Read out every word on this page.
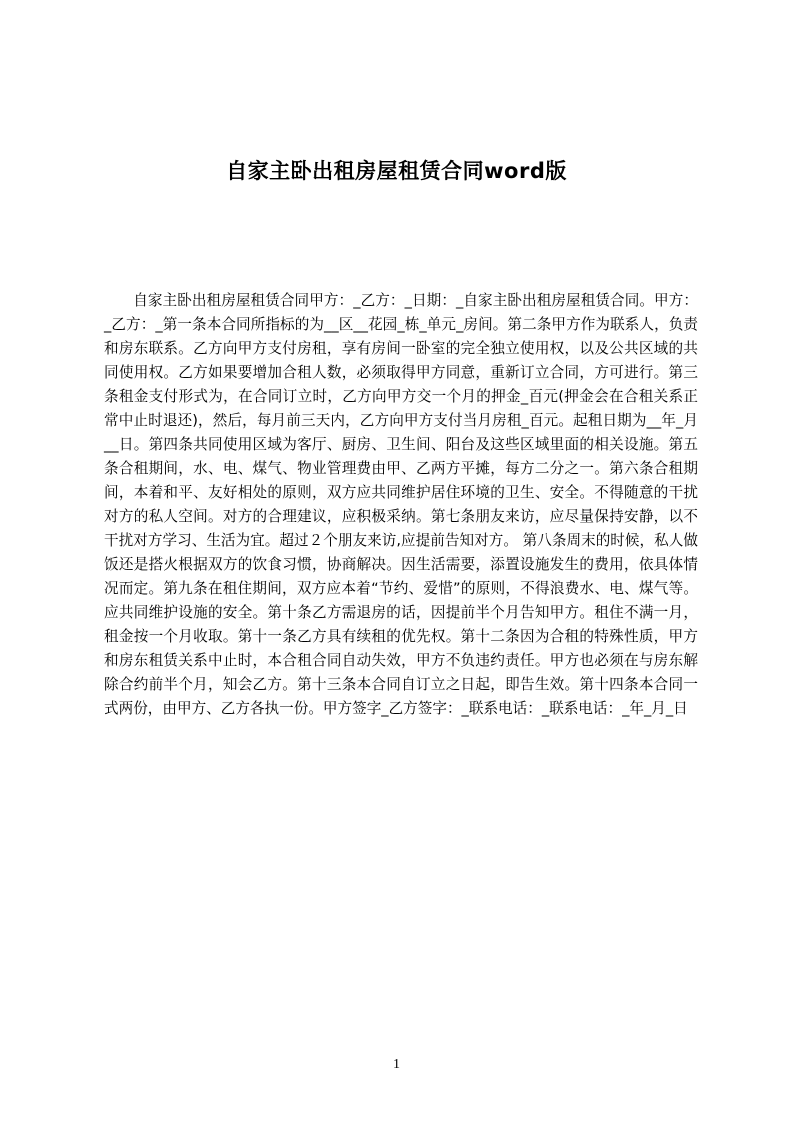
自家主卧出租房屋租赁合同word版

自家主卧出租房屋租赁合同甲方：_乙方：_日期：_自家主卧出租房屋租赁合同。甲方：_乙方：_第一条本合同所指标的为__区__花园_栋_单元_房间。第二条甲方作为联系人，负责和房东联系。乙方向甲方支付房租，享有房间一卧室的完全独立使用权，以及公共区域的共同使用权。乙方如果要增加合租人数，必须取得甲方同意，重新订立合同，方可进行。第三条租金支付形式为，在合同订立时，乙方向甲方交一个月的押金_百元(押金会在合租关系正常中止时退还)，然后，每月前三天内，乙方向甲方支付当月房租_百元。起租日期为__年_月__日。第四条共同使用区域为客厅、厨房、卫生间、阳台及这些区域里面的相关设施。第五条合租期间，水、电、煤气、物业管理费由甲、乙两方平摊，每方二分之一。第六条合租期间，本着和平、友好相处的原则，双方应共同维护居住环境的卫生、安全。不得随意的干扰对方的私人空间。对方的合理建议，应积极采纳。第七条朋友来访，应尽量保持安静，以不干扰对方学习、生活为宜。超过２个朋友来访,应提前告知对方。 第八条周末的时候，私人做饭还是搭火根据双方的饮食习惯，协商解决。因生活需要，添置设施发生的费用，依具体情况而定。第九条在租住期间，双方应本着“节约、爱惜”的原则，不得浪费水、电、煤气等。应共同维护设施的安全。第十条乙方需退房的话，因提前半个月告知甲方。租住不满一月，租金按一个月收取。第十一条乙方具有续租的优先权。第十二条因为合租的特殊性质，甲方和房东租赁关系中止时，本合租合同自动失效，甲方不负违约责任。甲方也必须在与房东解除合约前半个月，知会乙方。第十三条本合同自订立之日起，即告生效。第十四条本合同一式两份，由甲方、乙方各执一份。甲方签字_乙方签字：_联系电话：_联系电话：_年_月_日

1
